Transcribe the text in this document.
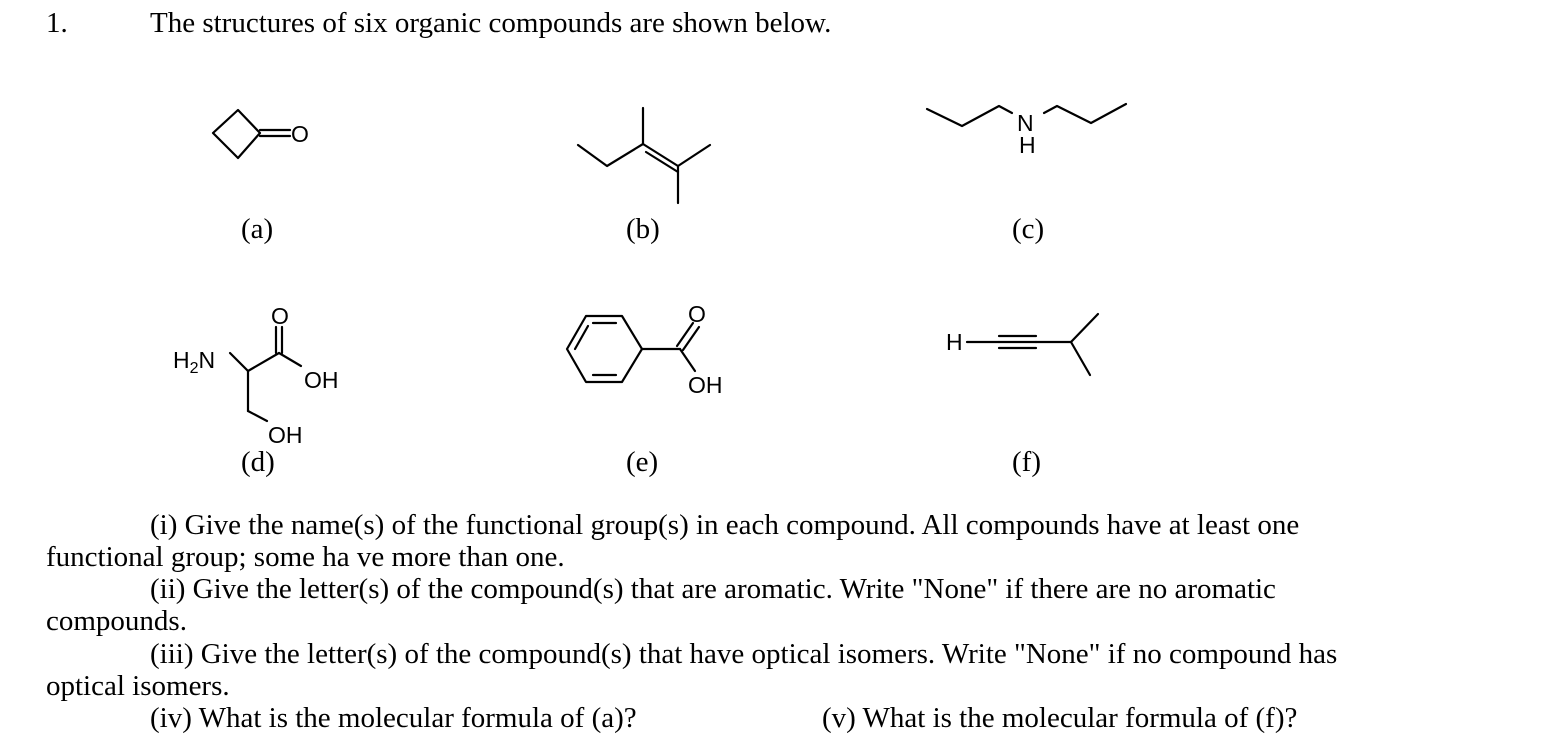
1.	The structures of six organic compounds are shown below.
O	N
H
$H_2N$
O
OH
OH
O
OH
H
(a)	(b)	(c)
(d)	(e)	(f)
(i) Give the name(s) of the functional group(s) in each compound. All compounds have at least one
functional group; some ha ve more than one.
(ii) Give the letter(s) of the compound(s) that are aromatic. Write "None" if there are no aromatic
compounds.
(iii) Give the letter(s) of the compound(s) that have optical isomers. Write "None" if no compound has
optical isomers.
(iv) What is the molecular formula of (a)?	(v) What is the molecular formula of (f)?
